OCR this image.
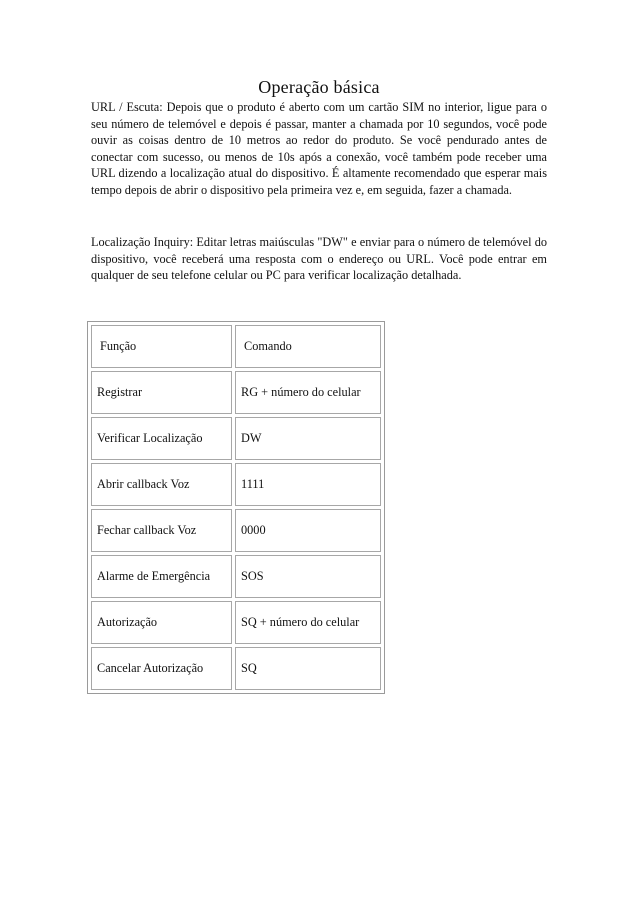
Operação básica

URL / Escuta: Depois que o produto é aberto com um cartão SIM no interior, ligue para o seu número de telemóvel e depois é passar, manter a chamada por 10 segundos, você pode ouvir as coisas dentro de 10 metros ao redor do produto. Se você pendurado antes de conectar com sucesso, ou menos de 10s após a conexão, você também pode receber uma URL dizendo a localização atual do dispositivo. É altamente recomendado que esperar mais tempo depois de abrir o dispositivo pela primeira vez e, em seguida, fazer a chamada.

Localização Inquiry: Editar letras maiúsculas "DW" e enviar para o número de telemóvel do dispositivo, você receberá uma resposta com o endereço ou URL. Você pode entrar em qualquer de seu telefone celular ou PC para verificar localização detalhada.

Função	Comando
Registrar	RG + número do celular
Verificar Localização	DW
Abrir callback Voz	1111
Fechar callback Voz	0000
Alarme de Emergência	SOS
Autorização	SQ + número do celular
Cancelar Autorização	SQ
